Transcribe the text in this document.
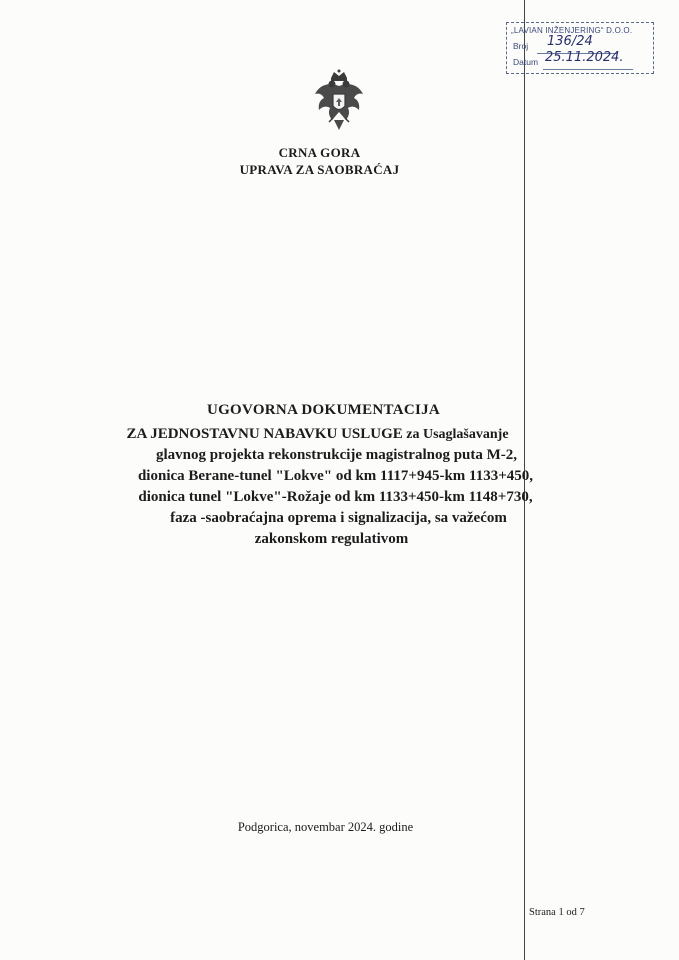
„LAVIAN INŽENJERING“ D.O.O.
Broj 136/24
Datum 25.11.2024.
CRNA GORA
UPRAVA ZA SAOBRAĆAJ
UGOVORNA DOKUMENTACIJA
ZA JEDNOSTAVNU NABAVKU USLUGE za Usaglašavanje
glavnog projekta rekonstrukcije magistralnog puta M-2,
dionica Berane-tunel "Lokve" od km 1117+945-km 1133+450,
dionica tunel "Lokve"-Rožaje od km 1133+450-km 1148+730,
faza -saobraćajna oprema i signalizacija, sa važećom
zakonskom regulativom
Podgorica, novembar 2024. godine
Strana 1 od 7
